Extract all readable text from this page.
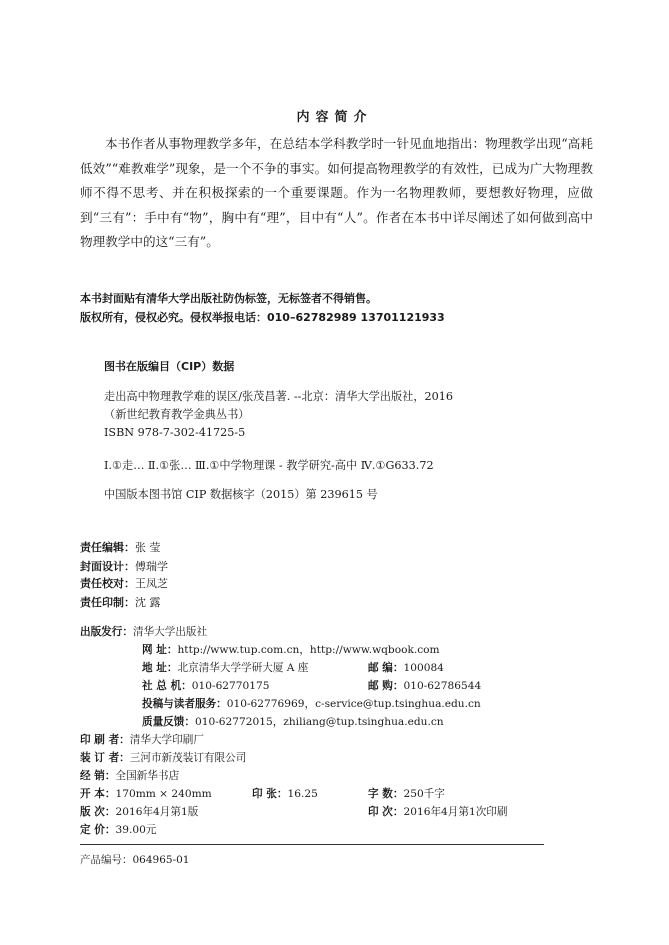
内容简介

本书作者从事物理教学多年，在总结本学科教学时一针见血地指出：物理教学出现“高耗低效”“难教难学”现象，是一个不争的事实。如何提高物理教学的有效性，已成为广大物理教师不得不思考、并在积极探索的一个重要课题。作为一名物理教师，要想教好物理，应做到“三有”：手中有“物”，胸中有“理”，目中有“人”。作者在本书中详尽阐述了如何做到高中物理教学中的这“三有”。

本书封面贴有清华大学出版社防伪标签，无标签者不得销售。
版权所有，侵权必究。侵权举报电话：010–62782989 13701121933
图书在版编目（CIP）数据
走出高中物理教学难的误区/张茂昌著. --北京：清华大学出版社，2016
（新世纪教育教学金典丛书）
ISBN 978-7-302-41725-5
Ⅰ.①走… Ⅱ.①张… Ⅲ.①中学物理课 - 教学研究-高中 Ⅳ.①G633.72
中国版本图书馆 CIP 数据核字（2015）第 239615 号
责任编辑：张 莹
封面设计：傅瑞学
责任校对：王凤芝
责任印制：沈 露
出版发行：清华大学出版社
网 址：http://www.tup.com.cn，http://www.wqbook.com
地 址：北京清华大学学研大厦 A 座	邮 编：100084
社 总 机：010-62770175	邮 购：010-62786544
投稿与读者服务：010-62776969，c-service@tup.tsinghua.edu.cn
质量反馈：010-62772015，zhiliang@tup.tsinghua.edu.cn
印 刷 者：清华大学印刷厂
装 订 者：三河市新茂装订有限公司
经 销：全国新华书店
开 本：170mm × 240mm	印 张：16.25	字 数：250千字
版 次：2016年4月第1版	印 次：2016年4月第1次印刷
定 价：39.00元
产品编号：064965-01
